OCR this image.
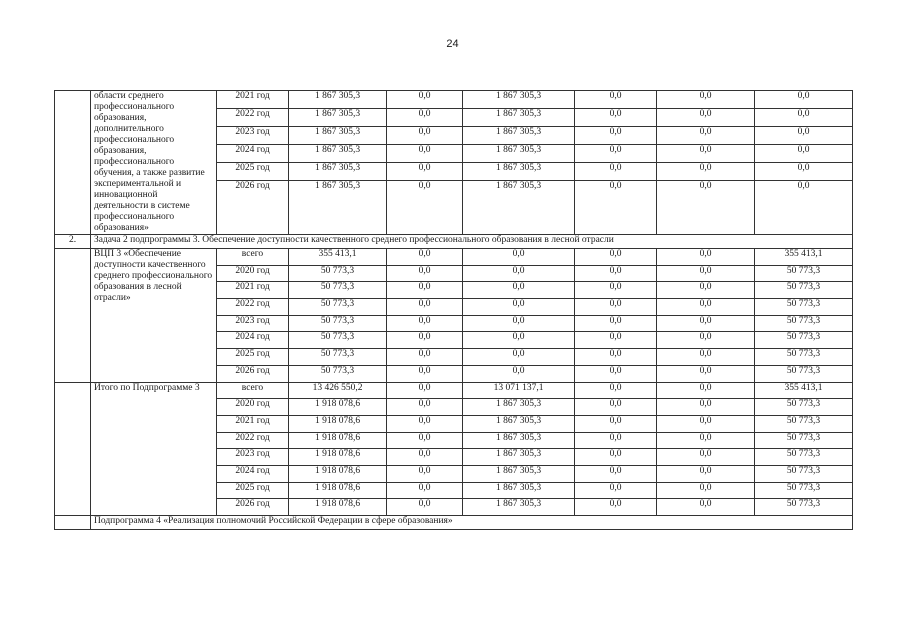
24
	области среднего профессионального образования, дополнительного профессионального образования, профессионального обучения, а также развитие экспериментальной и инновационной деятельности в системе профессионального образования»	2021 год	1 867 305,3	0,0	1 867 305,3	0,0	0,0	0,0
		2022 год	1 867 305,3	0,0	1 867 305,3	0,0	0,0	0,0
		2023 год	1 867 305,3	0,0	1 867 305,3	0,0	0,0	0,0
		2024 год	1 867 305,3	0,0	1 867 305,3	0,0	0,0	0,0
		2025 год	1 867 305,3	0,0	1 867 305,3	0,0	0,0	0,0
		2026 год	1 867 305,3	0,0	1 867 305,3	0,0	0,0	0,0
2.	Задача 2 подпрограммы 3. Обеспечение доступности качественного среднего профессионального образования в лесной отрасли							
	ВЦП 3 «Обеспечение доступности качественного среднего профессионального образования в лесной отрасли»	всего	355 413,1	0,0	0,0	0,0	0,0	355 413,1
		2020 год	50 773,3	0,0	0,0	0,0	0,0	50 773,3
		2021 год	50 773,3	0,0	0,0	0,0	0,0	50 773,3
		2022 год	50 773,3	0,0	0,0	0,0	0,0	50 773,3
		2023 год	50 773,3	0,0	0,0	0,0	0,0	50 773,3
		2024 год	50 773,3	0,0	0,0	0,0	0,0	50 773,3
		2025 год	50 773,3	0,0	0,0	0,0	0,0	50 773,3
		2026 год	50 773,3	0,0	0,0	0,0	0,0	50 773,3
	Итого по Подпрограмме 3	всего	13 426 550,2	0,0	13 071 137,1	0,0	0,0	355 413,1
		2020 год	1 918 078,6	0,0	1 867 305,3	0,0	0,0	50 773,3
		2021 год	1 918 078,6	0,0	1 867 305,3	0,0	0,0	50 773,3
		2022 год	1 918 078,6	0,0	1 867 305,3	0,0	0,0	50 773,3
		2023 год	1 918 078,6	0,0	1 867 305,3	0,0	0,0	50 773,3
		2024 год	1 918 078,6	0,0	1 867 305,3	0,0	0,0	50 773,3
		2025 год	1 918 078,6	0,0	1 867 305,3	0,0	0,0	50 773,3
		2026 год	1 918 078,6	0,0	1 867 305,3	0,0	0,0	50 773,3
	Подпрограмма 4 «Реализация полномочий Российской Федерации в сфере образования»							
